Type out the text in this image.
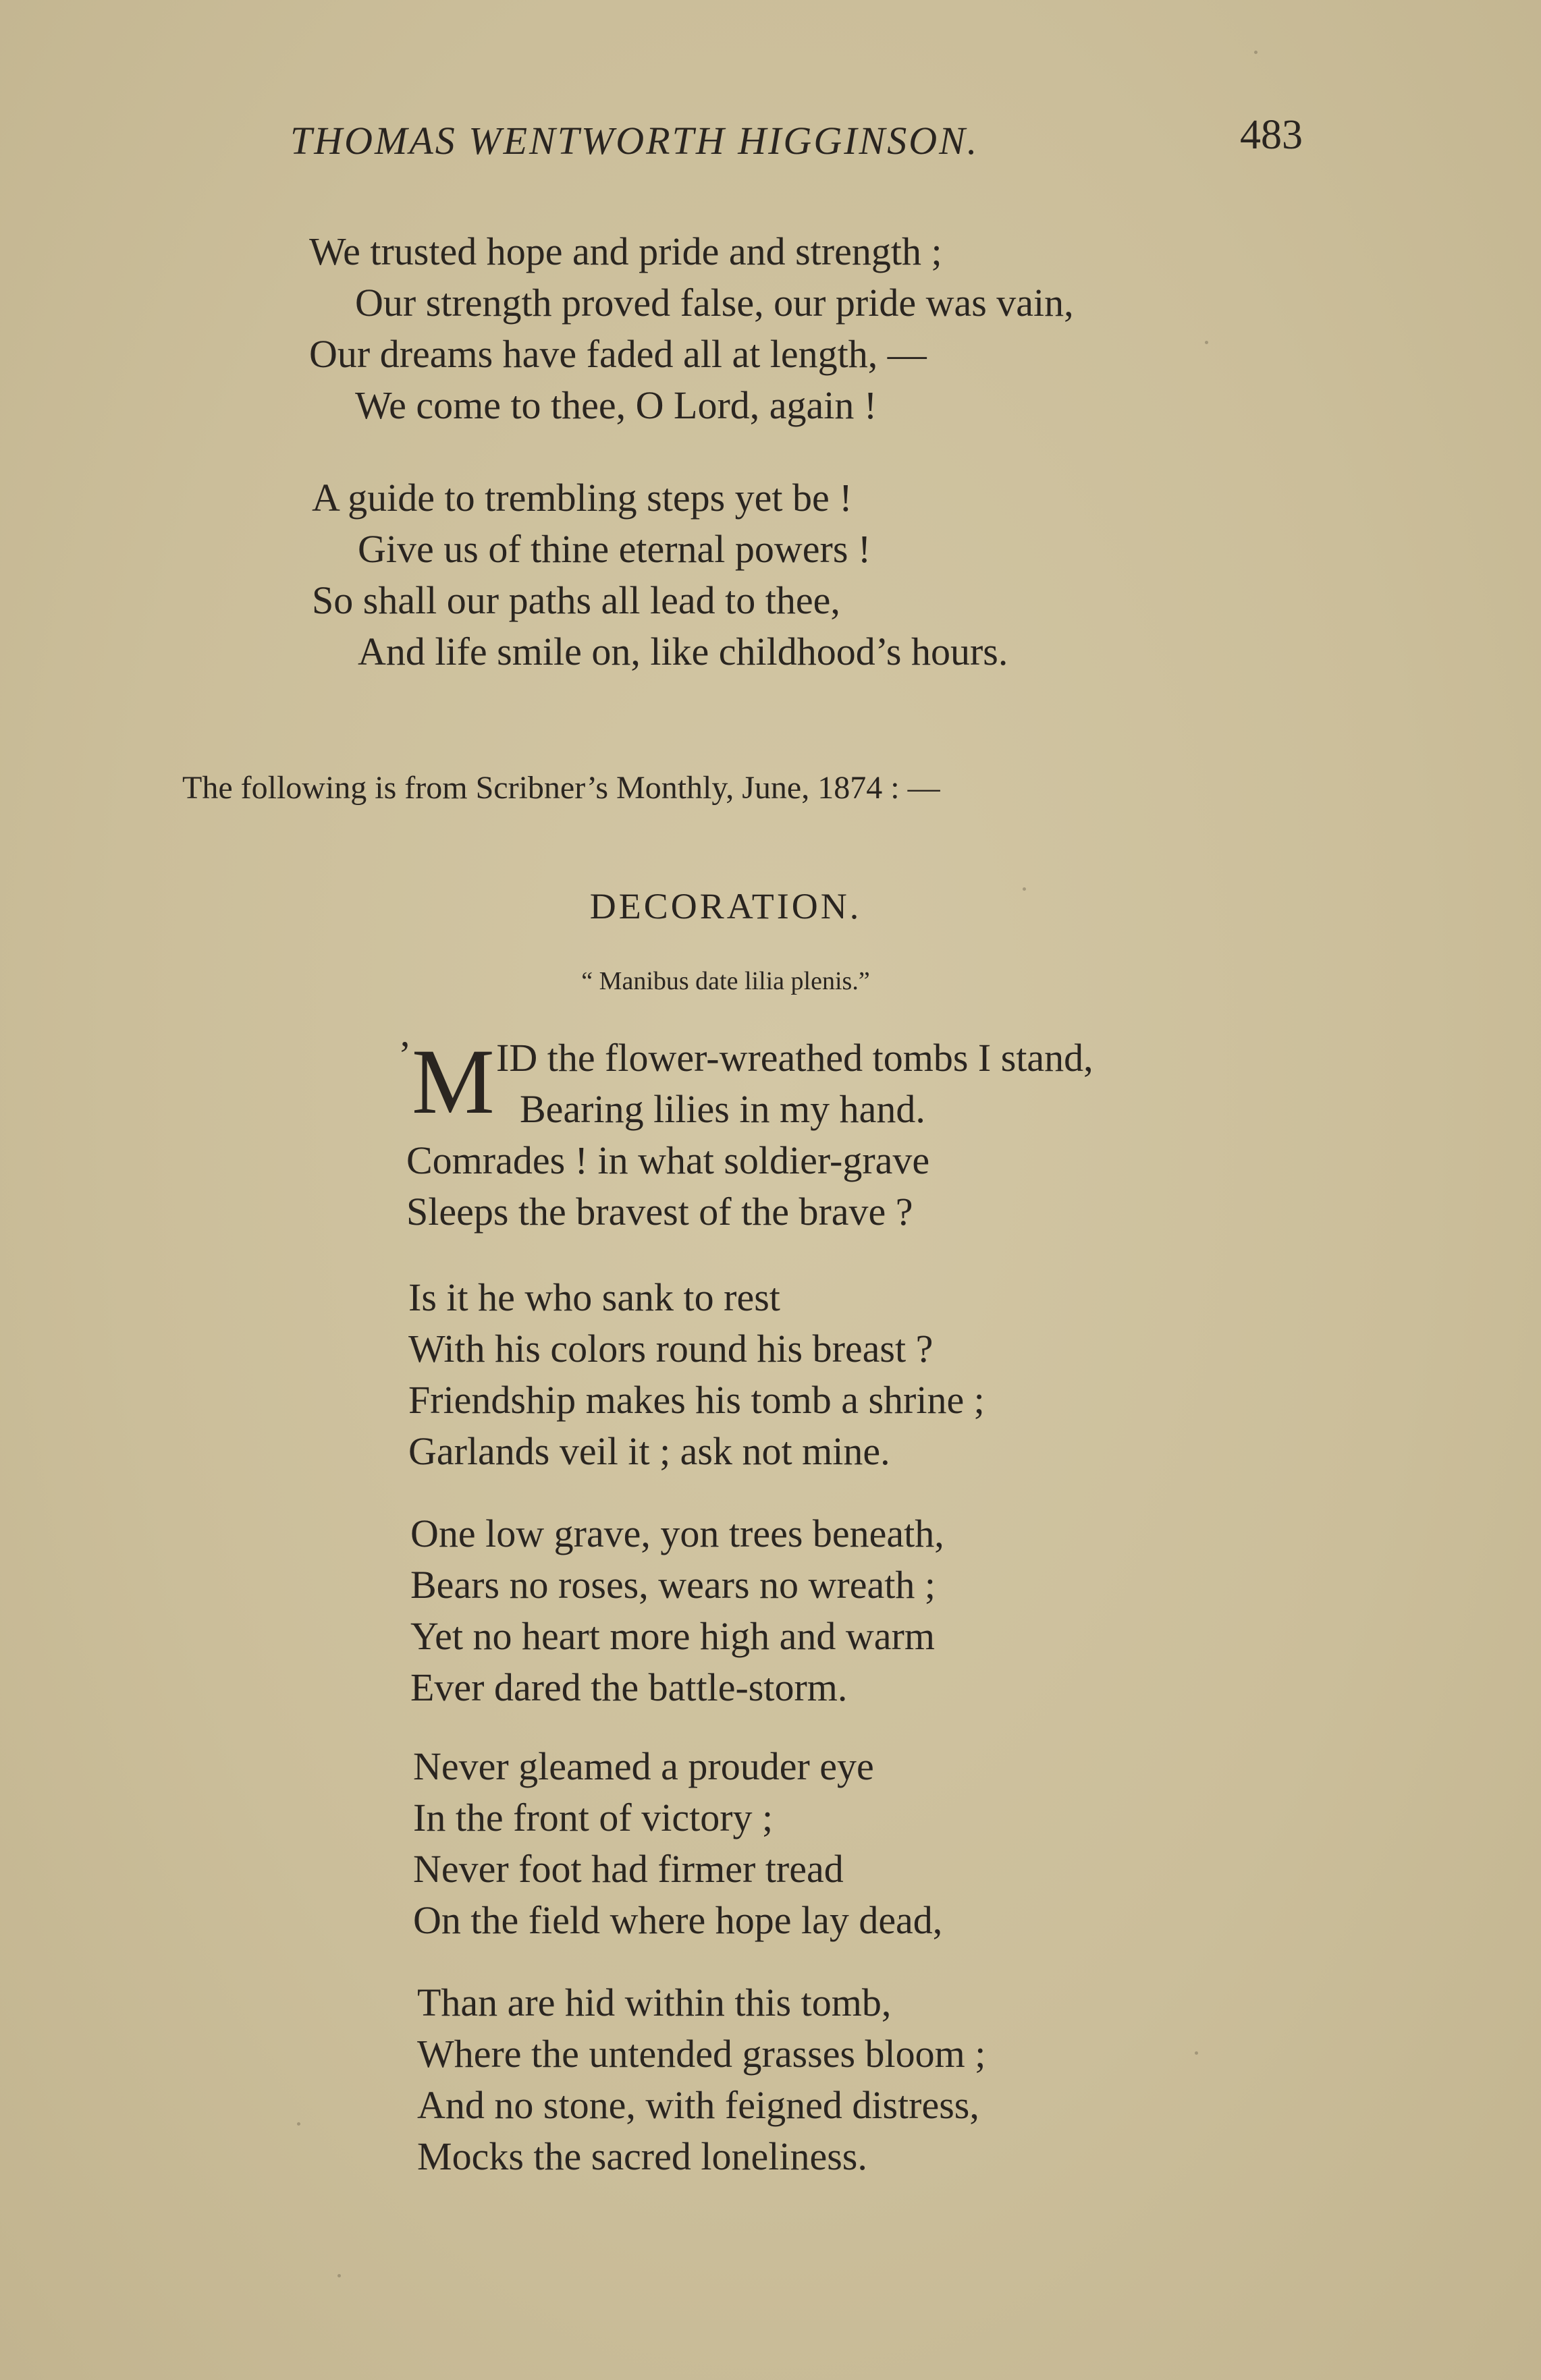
THOMAS WENTWORTH HIGGINSON.	483
We trusted hope and pride and strength ;
Our strength proved false, our pride was vain,
Our dreams have faded all at length, —
We come to thee, O Lord, again !
A guide to trembling steps yet be !
Give us of thine eternal powers !
So shall our paths all lead to thee,
And life smile on, like childhood’s hours.
The following is from Scribner’s Monthly, June, 1874 : —
DECORATION.
“ Manibus date lilia plenis.”
’ M ID the flower-wreathed tombs I stand,
Bearing lilies in my hand.
Comrades ! in what soldier-grave
Sleeps the bravest of the brave ?
Is it he who sank to rest
With his colors round his breast ?
Friendship makes his tomb a shrine ;
Garlands veil it ; ask not mine.
One low grave, yon trees beneath,
Bears no roses, wears no wreath ;
Yet no heart more high and warm
Ever dared the battle-storm.
Never gleamed a prouder eye
In the front of victory ;
Never foot had firmer tread
On the field where hope lay dead,
Than are hid within this tomb,
Where the untended grasses bloom ;
And no stone, with feigned distress,
Mocks the sacred loneliness.
